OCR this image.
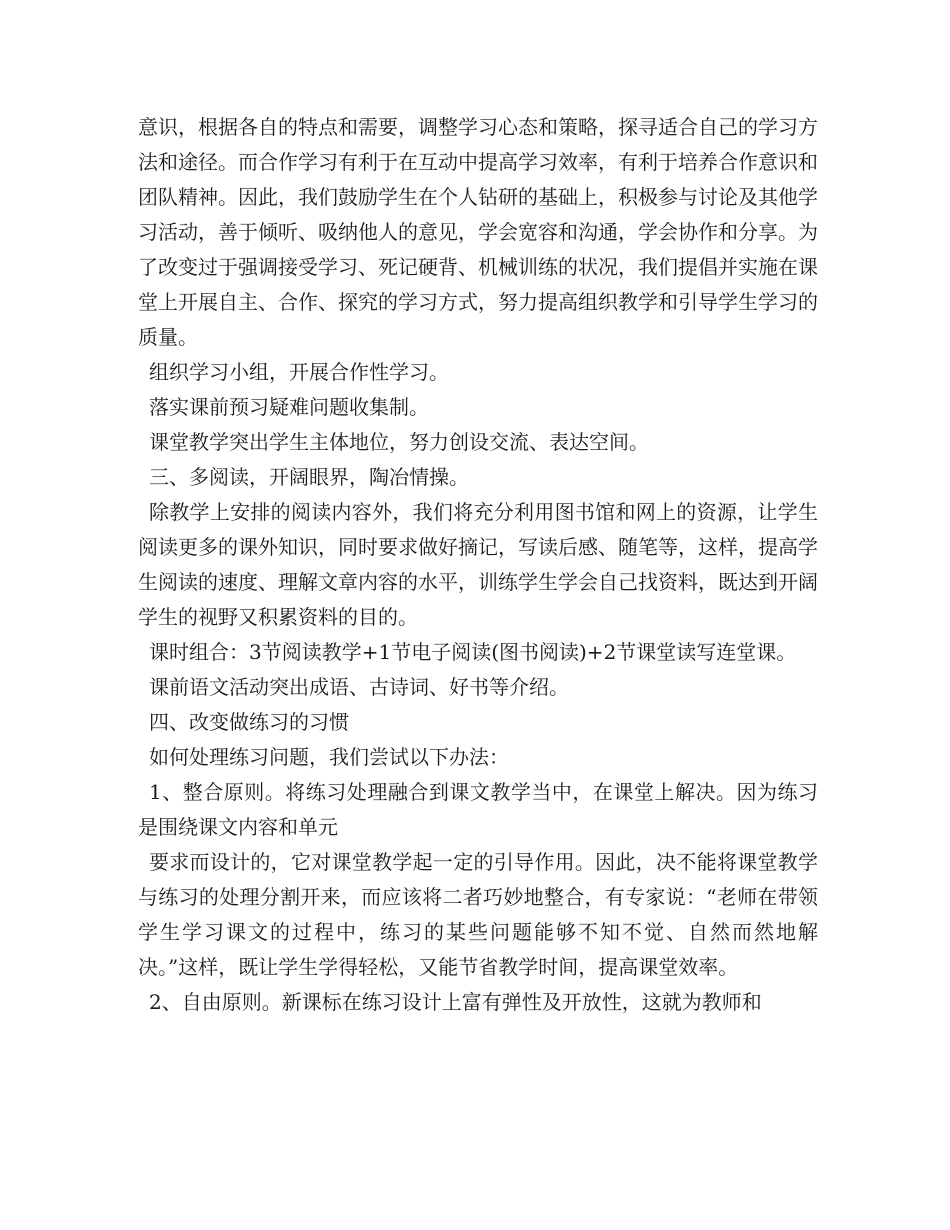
意识，根据各自的特点和需要，调整学习心态和策略，探寻适合自己的学习方法和途径。而合作学习有利于在互动中提高学习效率，有利于培养合作意识和团队精神。因此，我们鼓励学生在个人钻研的基础上，积极参与讨论及其他学习活动，善于倾听、吸纳他人的意见，学会宽容和沟通，学会协作和分享。为了改变过于强调接受学习、死记硬背、机械训练的状况，我们提倡并实施在课堂上开展自主、合作、探究的学习方式，努力提高组织教学和引导学生学习的质量。

组织学习小组，开展合作性学习。

落实课前预习疑难问题收集制。

课堂教学突出学生主体地位，努力创设交流、表达空间。

三、多阅读，开阔眼界，陶冶情操。

除教学上安排的阅读内容外，我们将充分利用图书馆和网上的资源，让学生阅读更多的课外知识，同时要求做好摘记，写读后感、随笔等，这样，提高学生阅读的速度、理解文章内容的水平，训练学生学会自己找资料，既达到开阔学生的视野又积累资料的目的。

课时组合：3节阅读教学+1节电子阅读(图书阅读)+2节课堂读写连堂课。

课前语文活动突出成语、古诗词、好书等介绍。

四、改变做练习的习惯

如何处理练习问题，我们尝试以下办法：

1、整合原则。将练习处理融合到课文教学当中，在课堂上解决。因为练习是围绕课文内容和单元

要求而设计的，它对课堂教学起一定的引导作用。因此，决不能将课堂教学与练习的处理分割开来，而应该将二者巧妙地整合，有专家说：“老师在带领学生学习课文的过程中，练习的某些问题能够不知不觉、自然而然地解决。”这样，既让学生学得轻松，又能节省教学时间，提高课堂效率。

2、自由原则。新课标在练习设计上富有弹性及开放性，这就为教师和
